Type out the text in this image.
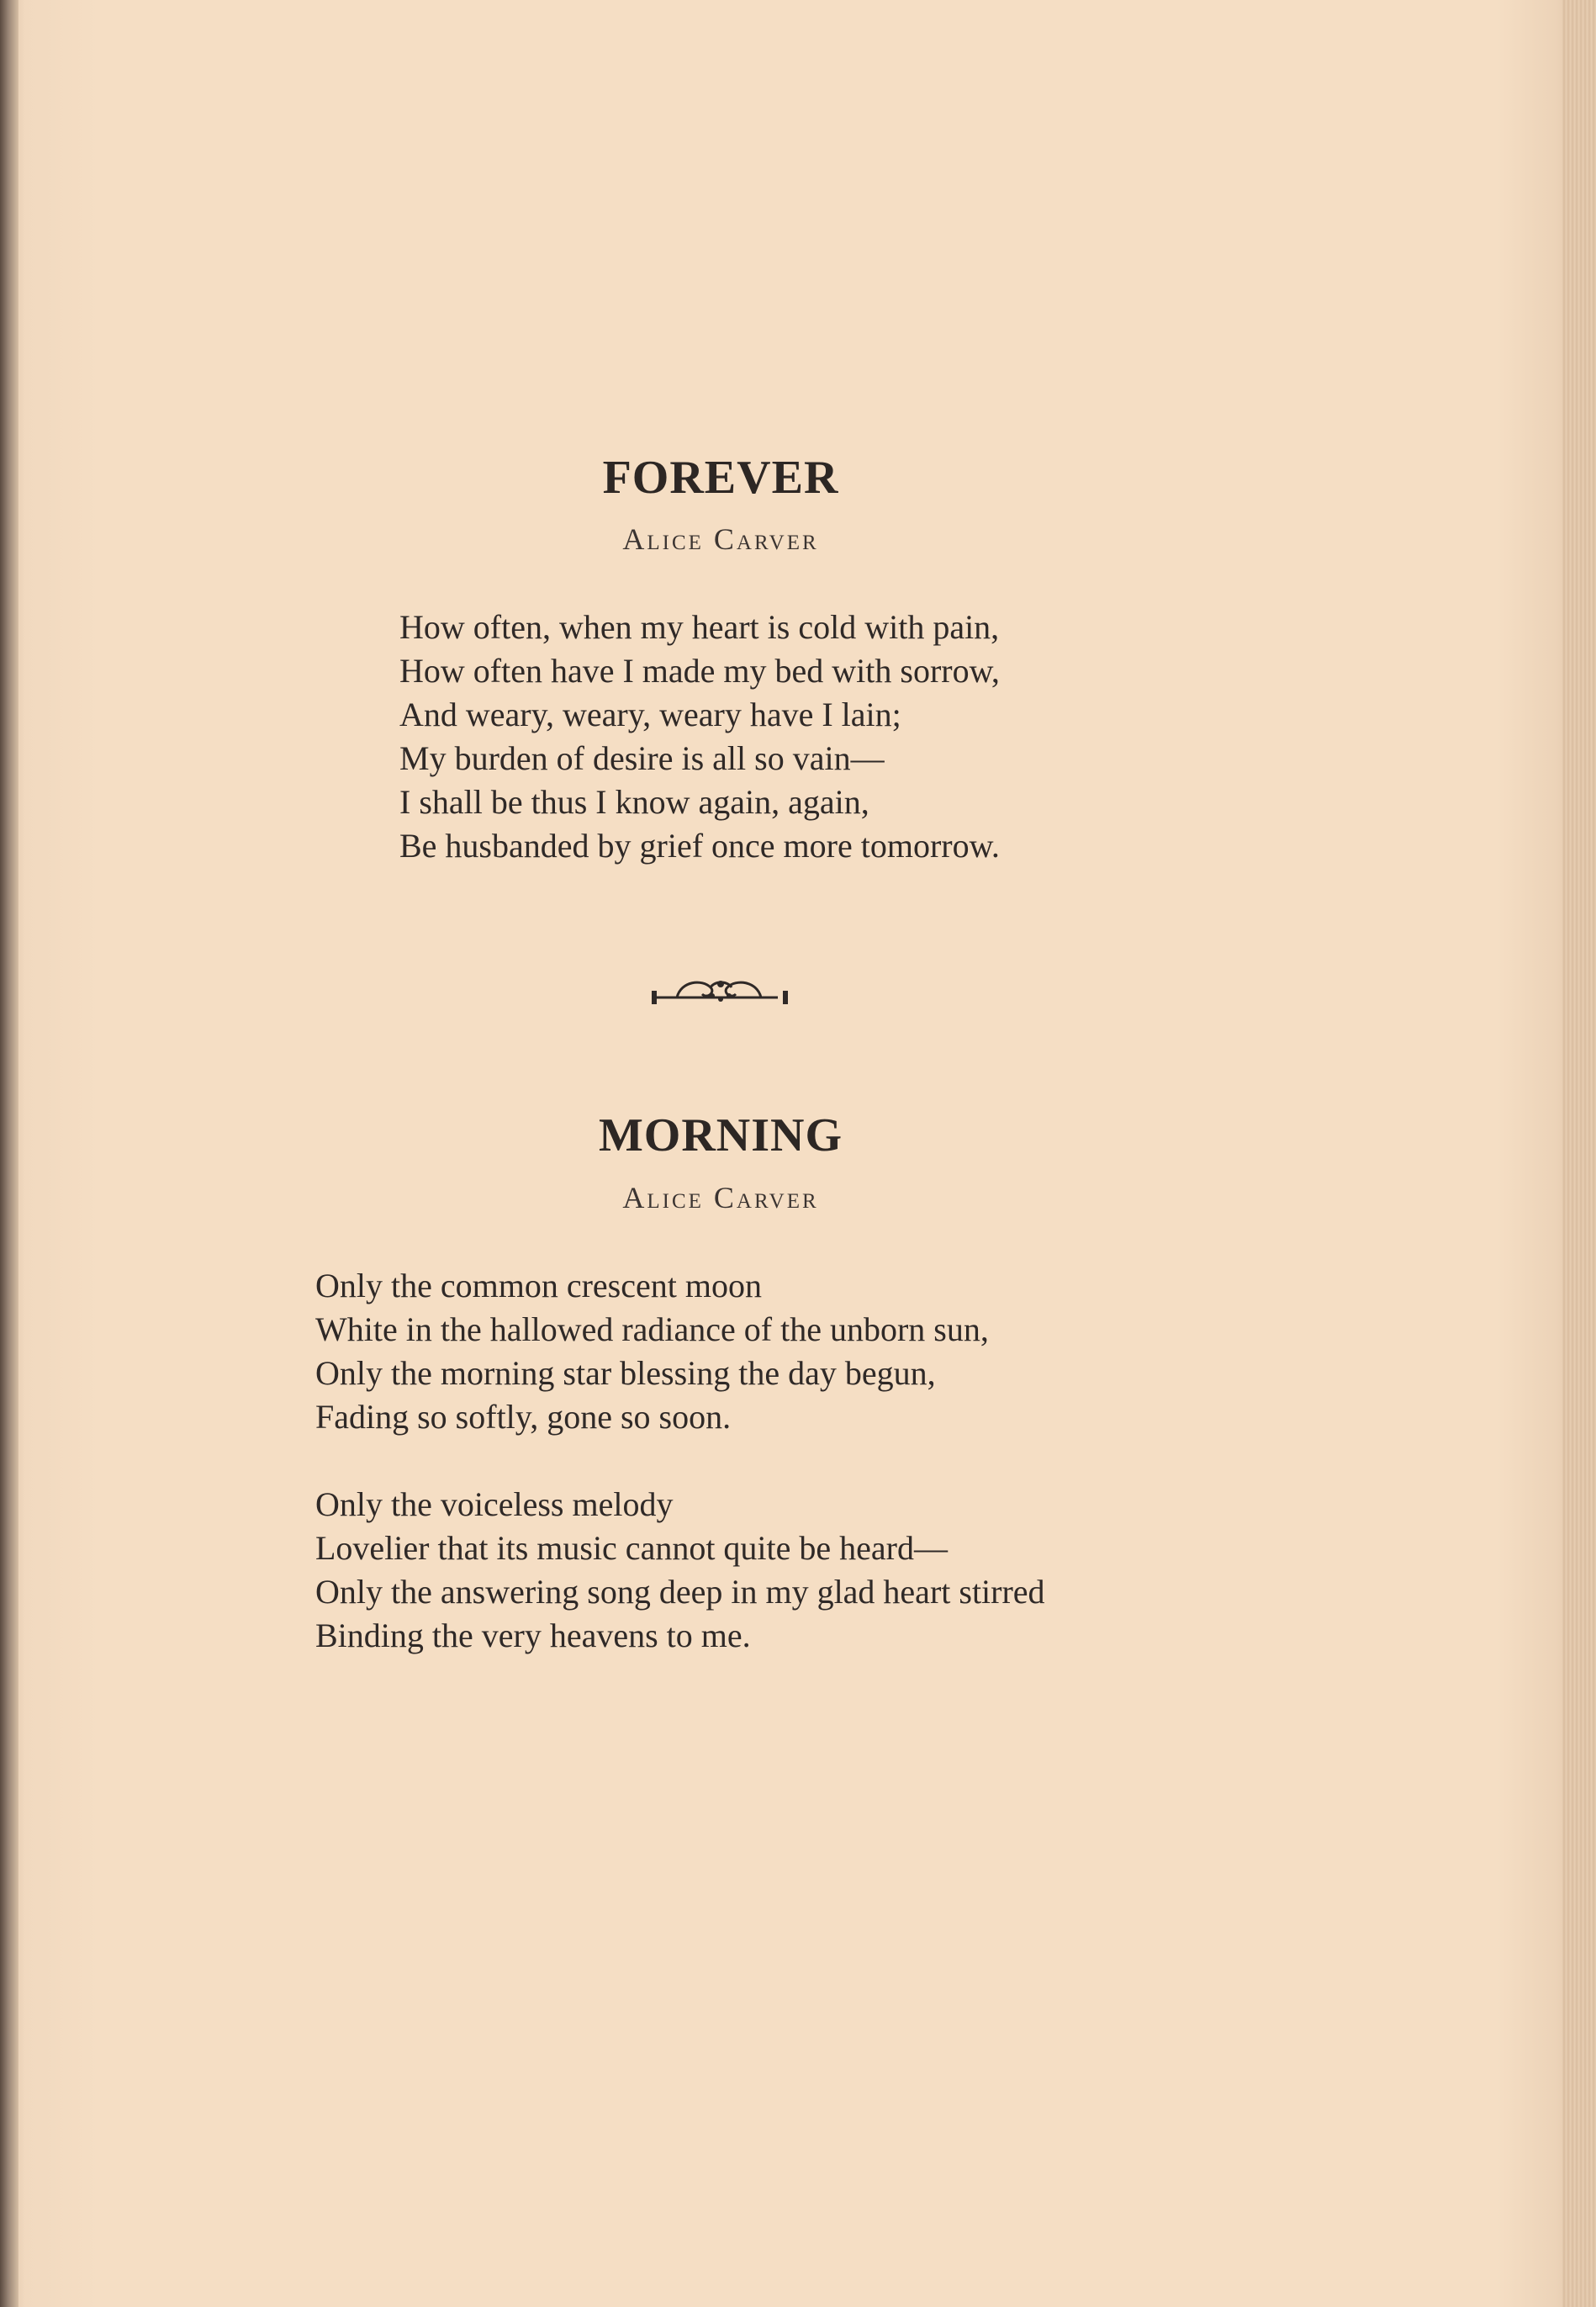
FOREVER
Alice Carver
How often, when my heart is cold with pain,
How often have I made my bed with sorrow,
And weary, weary, weary have I lain;
My burden of desire is all so vain—
I shall be thus I know again, again,
Be husbanded by grief once more tomorrow.
MORNING
Alice Carver
Only the common crescent moon
White in the hallowed radiance of the unborn sun,
Only the morning star blessing the day begun,
Fading so softly, gone so soon.
Only the voiceless melody
Lovelier that its music cannot quite be heard—
Only the answering song deep in my glad heart stirred
Binding the very heavens to me.
